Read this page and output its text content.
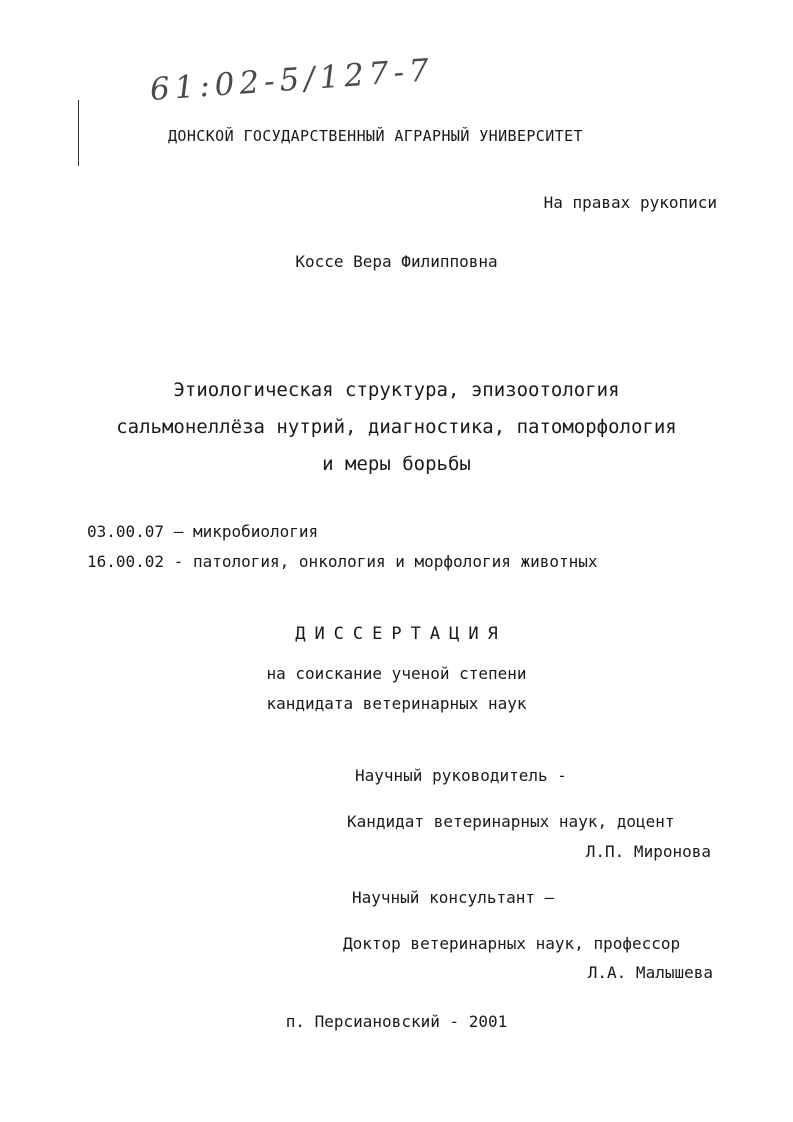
61:02-5/127-7
ДОНСКОЙ ГОСУДАРСТВЕННЫЙ АГРАРНЫЙ УНИВЕРСИТЕТ
На правах рукописи
Коссе Вера Филипповна
Этиологическая структура, эпизоотология
сальмонеллёза нутрий, диагностика, патоморфология
и меры борьбы
03.00.07 – микробиология
16.00.02 - патология, онкология и морфология животных
ДИССЕРТАЦИЯ
на соискание ученой степени
кандидата ветеринарных наук
Научный руководитель -
Кандидат ветеринарных наук, доцент
Л.П. Миронова
Научный консультант –
Доктор ветеринарных наук, профессор
Л.А. Малышева
п. Персиановский - 2001
